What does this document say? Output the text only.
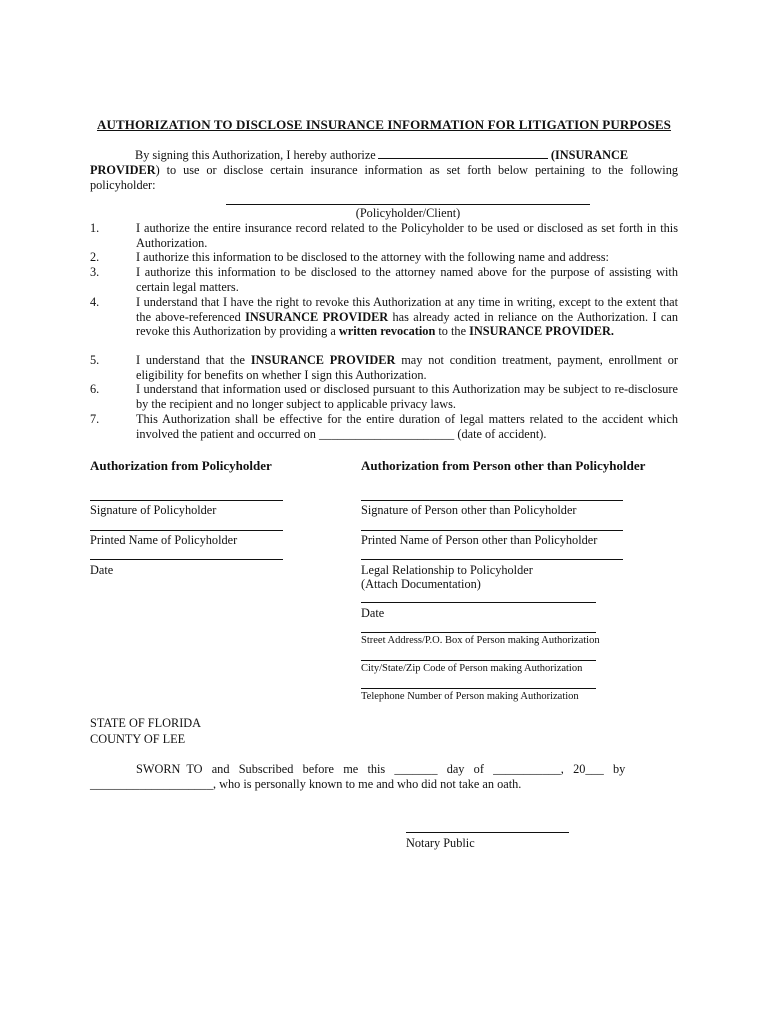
AUTHORIZATION TO DISCLOSE INSURANCE INFORMATION FOR LITIGATION PURPOSES
By signing this Authorization, I hereby authorize	(INSURANCE
PROVIDER) to use or disclose certain insurance information as set forth below pertaining to the following policyholder:
(Policyholder/Client)
1.	I authorize the entire insurance record related to the Policyholder to be used or disclosed as set forth in this Authorization.
2.	I authorize this information to be disclosed to the attorney with the following name and address:
3.	I authorize this information to be disclosed to the attorney named above for the purpose of assisting with certain legal matters.
4.	I understand that I have the right to revoke this Authorization at any time in writing, except to the extent that the above-referenced INSURANCE PROVIDER has already acted in reliance on the Authorization. I can revoke this Authorization by providing a written revocation to the INSURANCE PROVIDER.
5.	I understand that the INSURANCE PROVIDER may not condition treatment, payment, enrollment or eligibility for benefits on whether I sign this Authorization.
6.	I understand that information used or disclosed pursuant to this Authorization may be subject to re-disclosure by the recipient and no longer subject to applicable privacy laws.
7.	This Authorization shall be effective for the entire duration of legal matters related to the accident which involved the patient and occurred on ______________________ (date of accident).
Authorization from Policyholder	Authorization from Person other than Policyholder
Signature of Policyholder
Printed Name of Policyholder
Date
Signature of Person other than Policyholder
Printed Name of Person other than Policyholder
Legal Relationship to Policyholder
(Attach Documentation)
Date
Street Address/P.O. Box of Person making Authorization
City/State/Zip Code of Person making Authorization
Telephone Number of Person making Authorization
STATE OF FLORIDA
COUNTY OF LEE
SWORN  TO   and   Subscribed   before   me   this   _______   day   of   ___________,   20___   by
____________________, who is personally known to me and who did not take an oath.
Notary Public
